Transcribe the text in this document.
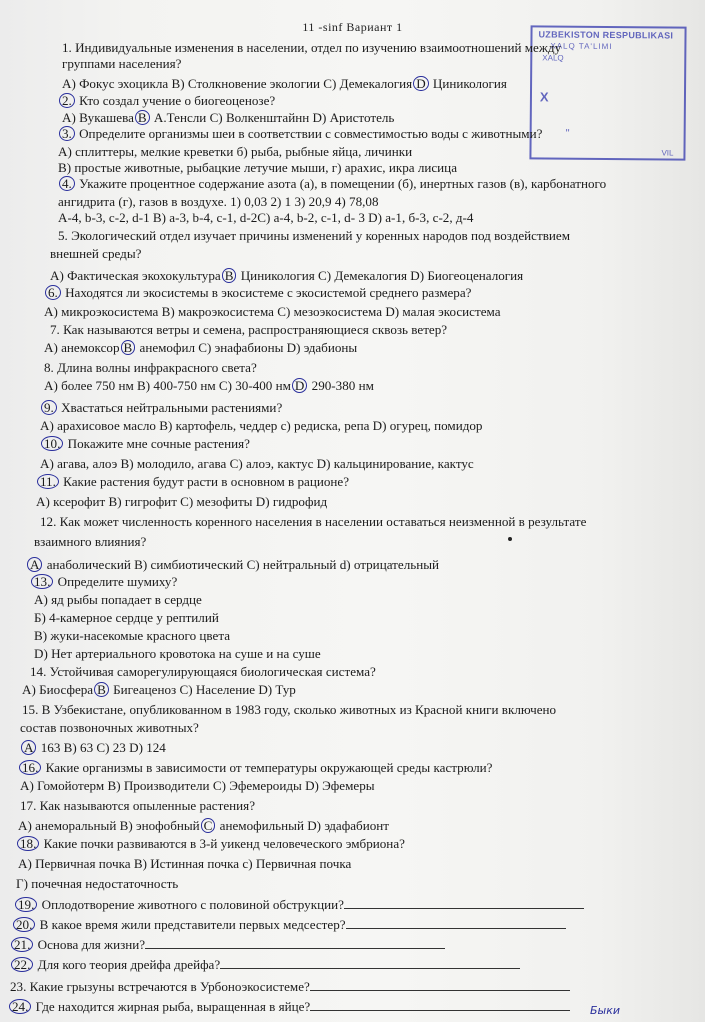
11 -sinf Вариант 1
UZBEKISTON RESPUBLIKASI
XALQ TA'LIMI
XALQ
X
"
VIL
1. Индивидуальные изменения в населении, отдел по изучению взаимоотношений между
группами населения?
А) Фокус эхоцикла В) Столкновение экологии С) Демекалогия D Циникология
2. Кто создал учение о биогеоценозе?
А) Вукашева B А.Тенсли С) Волкенштайнн D) Аристотель
3. Определите организмы шеи в соответствии с совместимостью воды с животными?
А) сплиттеры, мелкие креветки б) рыба, рыбные яйца, личинки
В) простые животные, рыбацкие летучие мыши, г) арахис, икра лисица
4. Укажите процентное содержание азота (а), в помещении (б), инертных газов (в), карбонатного
ангидрита (г), газов в воздухе. 1) 0,03 2) 1 3) 20,9 4) 78,08
А-4, b-3, с-2, d-1 В) а-3, b-4, с-1, d-2С) а-4, b-2, с-1, d- 3 D) а-1, б-3, с-2, д-4
5. Экологический отдел изучает причины изменений у коренных народов под воздействием
внешней среды?
А) Фактическая экохокультура B Циникология С) Демекалогия D) Биогеоценалогия
6. Находятся ли экосистемы в экосистеме с экосистемой среднего размера?
А) микроэкосистема В) макроэкосистема С) мезоэкосистема D) малая экосистема
7. Как называются ветры и семена, распространяющиеся сквозь ветер?
А) анемоксор B анемофил С) энафабионы D) эдабионы
8. Длина волны инфракрасного света?
А) более 750 нм В) 400-750 нм С) 30-400 нм D 290-380 нм
9. Хвастаться нейтральными растениями?
А) арахисовое масло В) картофель, чеддер с) редиска, репа D) огурец, помидор
10. Покажите мне сочные растения?
А) агава, алоэ В) молодило, агава С) алоэ, кактус D) кальцинирование, кактус
11. Какие растения будут расти в основном в рационе?
А) ксерофит В) гигрофит С) мезофиты D) гидрофид
12. Как может численность коренного населения в населении оставаться неизменной в результате
взаимного влияния?
A анаболический В) симбиотический С) нейтральный d) отрицательный
13. Определите шумиху?
А) яд рыбы попадает в сердце
Б) 4-камерное сердце у рептилий
В) жуки-насекомые красного цвета
D) Нет артериального кровотока на суше и на суше
14. Устойчивая саморегулирующаяся биологическая система?
А) Биосфера B Бигеаценоз С) Население D) Тур
15. В Узбекистане, опубликованном в 1983 году, сколько животных из Красной книги включено
состав позвоночных животных?
A 163 В) 63 С) 23 D) 124
16. Какие организмы в зависимости от температуры окружающей среды кастрюли?
А) Гомойотерм В) Производители С) Эфемероиды D) Эфемеры
17. Как называются опыленные растения?
А) анеморальный В) энофобный C анемофильный D) эдафабионт
18. Какие почки развиваются в 3-й уикенд человеческого эмбриона?
А) Первичная почка В) Истинная почка с) Первичная почка
Г) почечная недостаточность
19. Оплодотворение животного с половиной обструкции?
20. В какое время жили представители первых медсестер?
21. Основа для жизни?
22. Для кого теория дрейфа дрейфа?
23. Какие грызуны встречаются в Урбоноэкосистеме?
24. Где находится жирная рыба, выращенная в яйце?	Быки
